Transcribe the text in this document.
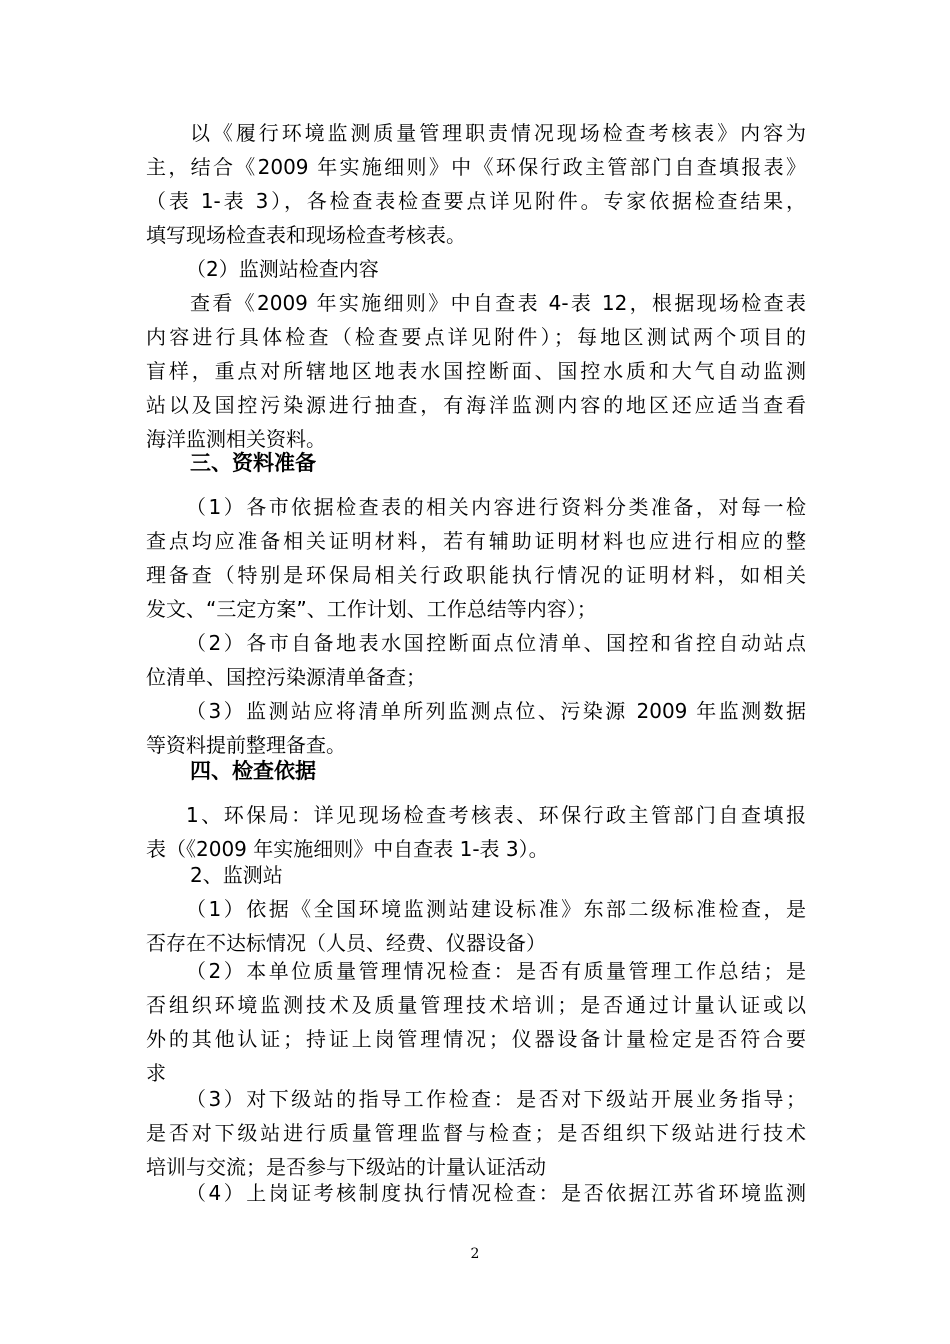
以《履行环境监测质量管理职责情况现场检查考核表》内容为
主，结合《2009 年实施细则》中《环保行政主管部门自查填报表》
（表 1-表 3），各检查表检查要点详见附件。专家依据检查结果，
填写现场检查表和现场检查考核表。
（2）监测站检查内容
查看《2009 年实施细则》中自查表 4-表 12，根据现场检查表
内容进行具体检查（检查要点详见附件）；每地区测试两个项目的
盲样，重点对所辖地区地表水国控断面、国控水质和大气自动监测
站以及国控污染源进行抽查，有海洋监测内容的地区还应适当查看
海洋监测相关资料。
三、资料准备
（1）各市依据检查表的相关内容进行资料分类准备，对每一检
查点均应准备相关证明材料，若有辅助证明材料也应进行相应的整
理备查（特别是环保局相关行政职能执行情况的证明材料，如相关
发文、“三定方案”、工作计划、工作总结等内容）；
（2）各市自备地表水国控断面点位清单、国控和省控自动站点
位清单、国控污染源清单备查；
（3）监测站应将清单所列监测点位、污染源 2009 年监测数据
等资料提前整理备查。
四、检查依据
1、环保局：详见现场检查考核表、环保行政主管部门自查填报
表（《2009 年实施细则》中自查表 1-表 3）。
2、监测站
（1）依据《全国环境监测站建设标准》东部二级标准检查，是
否存在不达标情况（人员、经费、仪器设备）
（2）本单位质量管理情况检查：是否有质量管理工作总结；是
否组织环境监测技术及质量管理技术培训；是否通过计量认证或以
外的其他认证；持证上岗管理情况；仪器设备计量检定是否符合要
求
（3）对下级站的指导工作检查：是否对下级站开展业务指导；
是否对下级站进行质量管理监督与检查；是否组织下级站进行技术
培训与交流；是否参与下级站的计量认证活动
（4）上岗证考核制度执行情况检查：是否依据江苏省环境监测
2
